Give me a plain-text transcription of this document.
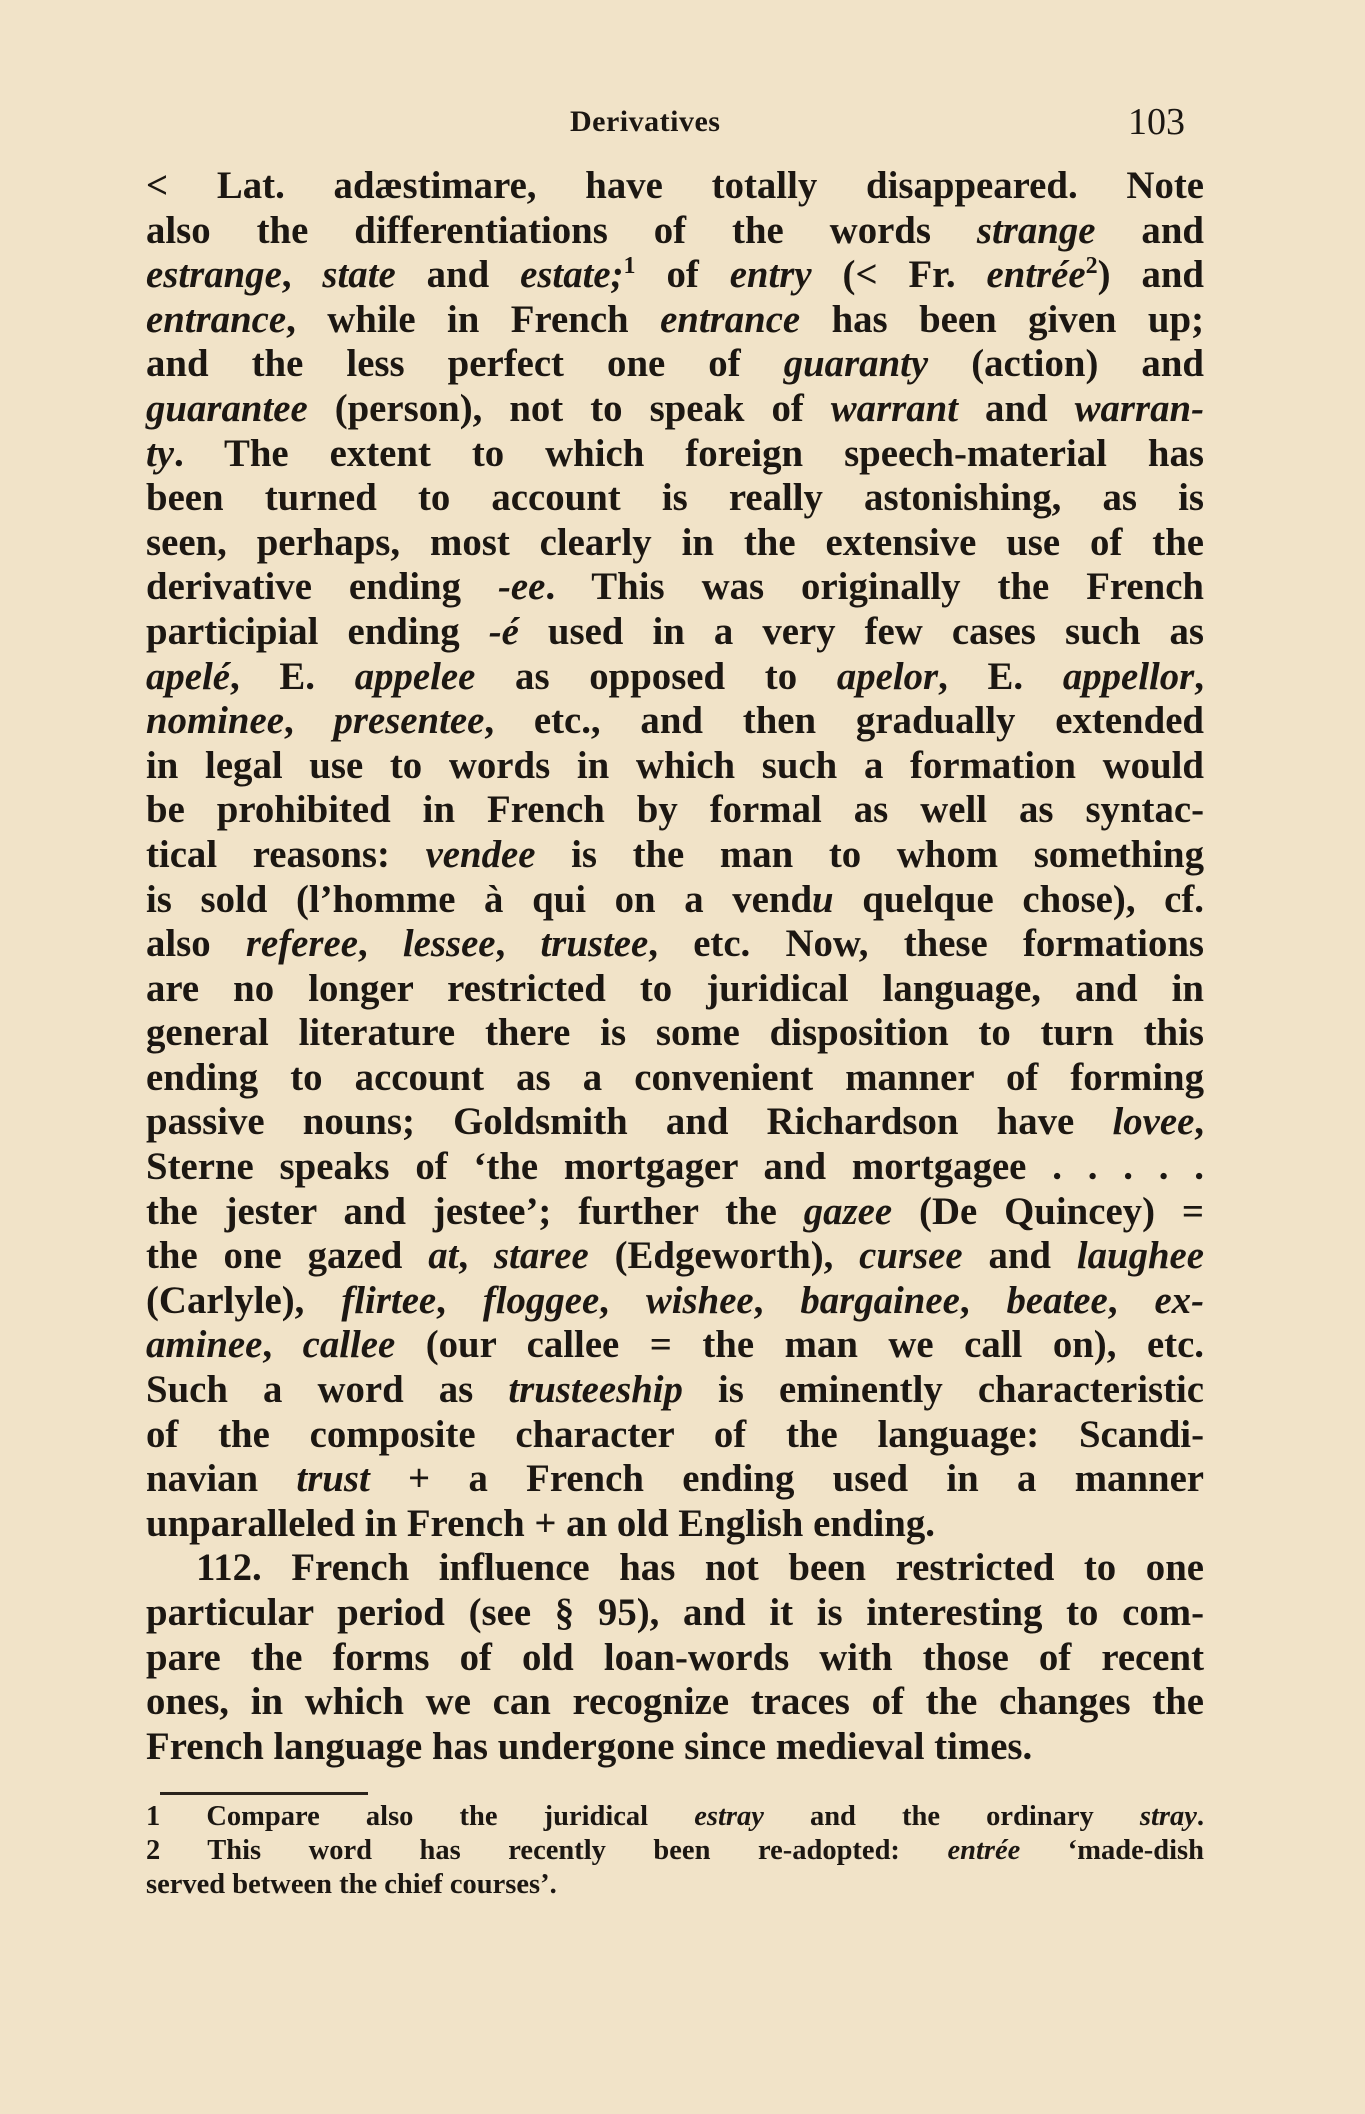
Derivatives	103
< Lat. adæstimare, have totally disappeared. Note
also the differentiations of the words strange and
estrange, state and estate;$^1$ of entry (< Fr. entrée$^2$) and
entrance, while in French entrance has been given up;
and the less perfect one of guaranty (action) and
guarantee (person), not to speak of warrant and warran-
ty. The extent to which foreign speech-material has
been turned to account is really astonishing, as is
seen, perhaps, most clearly in the extensive use of the
derivative ending -ee. This was originally the French
participial ending -é used in a very few cases such as
apelé, E. appelee as opposed to apelor, E. appellor,
nominee, presentee, etc., and then gradually extended
in legal use to words in which such a formation would
be prohibited in French by formal as well as syntac-
tical reasons: vendee is the man to whom something
is sold (l’homme à qui on a vendu quelque chose), cf.
also referee, lessee, trustee, etc. Now, these formations
are no longer restricted to juridical language, and in
general literature there is some disposition to turn this
ending to account as a convenient manner of forming
passive nouns; Goldsmith and Richardson have lovee,
Sterne speaks of ‘the mortgager and mortgagee . . . . .
the jester and jestee’; further the gazee (De Quincey) =
the one gazed at, staree (Edgeworth), cursee and laughee
(Carlyle), flirtee, floggee, wishee, bargainee, beatee, ex-
aminee, callee (our callee = the man we call on), etc.
Such a word as trusteeship is eminently characteristic
of the composite character of the language: Scandi-
navian trust + a French ending used in a manner
unparalleled in French + an old English ending.
112. French influence has not been restricted to one
particular period (see § 95), and it is interesting to com-
pare the forms of old loan-words with those of recent
ones, in which we can recognize traces of the changes the
French language has undergone since medieval times.
1 Compare also the juridical estray and the ordinary stray.
2 This word has recently been re-adopted: entrée ‘made-dish
served between the chief courses’.
